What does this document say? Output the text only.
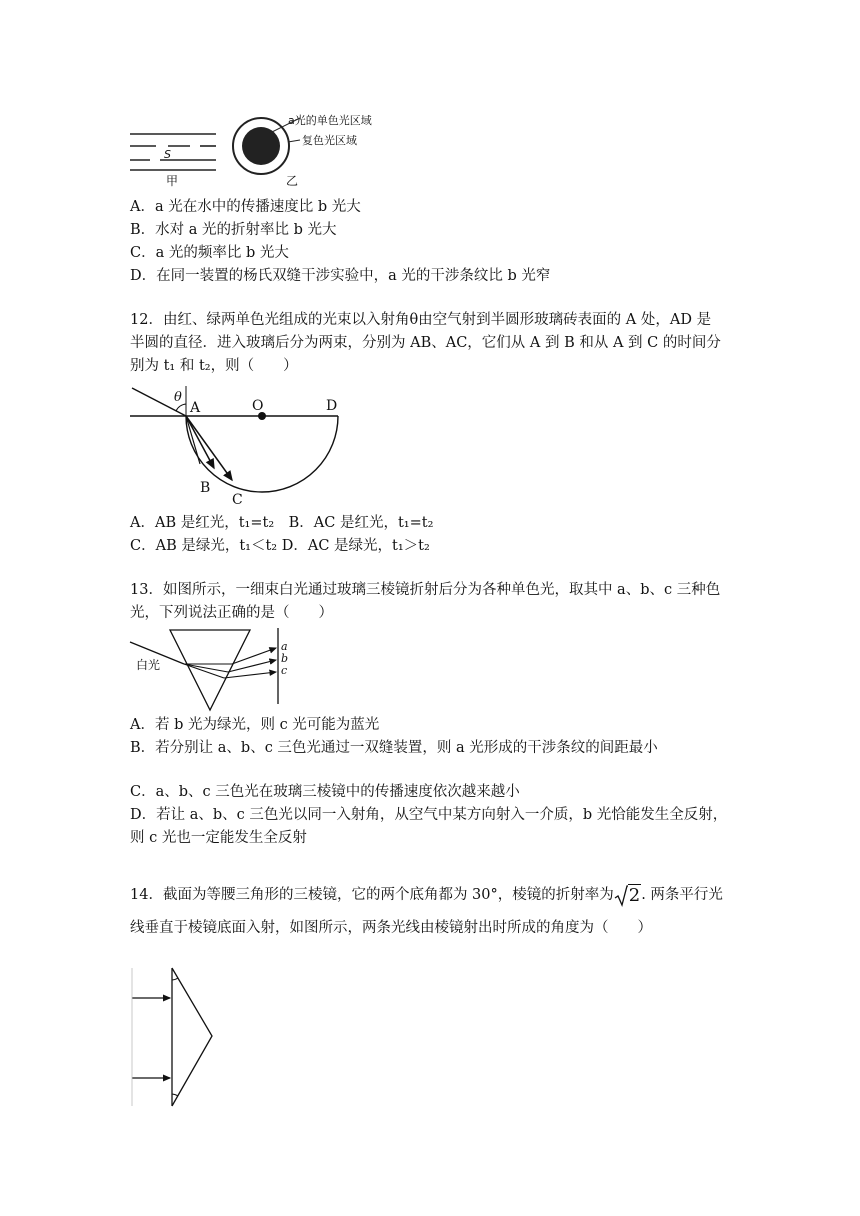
S
甲	乙
a光的单色光区域
复色光区域
A．a 光在水中的传播速度比 b 光大
B．水对 a 光的折射率比 b 光大
C．a 光的频率比 b 光大
D．在同一装置的杨氏双缝干涉实验中，a 光的干涉条纹比 b 光窄
12．由红、绿两单色光组成的光束以入射角θ由空气射到半圆形玻璃砖表面的 A 处，AD 是
半圆的直径．进入玻璃后分为两束，分别为 AB、AC，它们从 A 到 B 和从 A 到 C 的时间分
别为 t₁ 和 t₂，则（　　）
θ
A	O	D
B
C
A．AB 是红光，t₁=t₂　B．AC 是红光，t₁=t₂
C．AB 是绿光，t₁＜t₂ D．AC 是绿光，t₁＞t₂
13．如图所示，一细束白光通过玻璃三棱镜折射后分为各种单色光，取其中 a、b、c 三种色
光，下列说法正确的是（　　）
白光
a
b
c
A．若 b 光为绿光，则 c 光可能为蓝光
B．若分别让 a、b、c 三色光通过一双缝装置，则 a 光形成的干涉条纹的间距最小
C．a、b、c 三色光在玻璃三棱镜中的传播速度依次越来越小
D．若让 a、b、c 三色光以同一入射角，从空气中某方向射入一介质，b 光恰能发生全反射，
则 c 光也一定能发生全反射
14．截面为等腰三角形的三棱镜，它的两个底角都为 30°，棱镜的折射率为 2. 两条平行光
线垂直于棱镜底面入射，如图所示，两条光线由棱镜射出时所成的角度为（　　）
